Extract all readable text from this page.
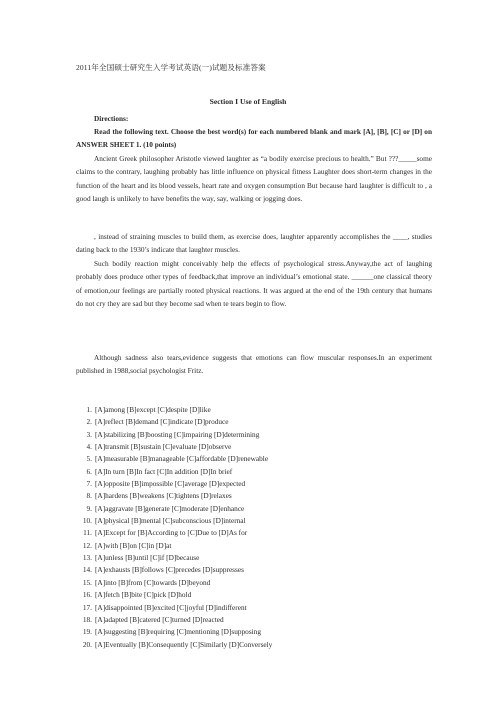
2011年全国硕士研究生入学考试英语(一)试题及标准答案
Section I Use of English
Directions:
Read the following text. Choose the best word(s) for each numbered blank and mark [A], [B], [C] or [D] on ANSWER SHEET 1. (10 points)
Ancient Greek philosopher Aristotle viewed laughter as “a bodily exercise precious to health.” But ???_____some claims to the contrary, laughing probably has little influence on physical fitness Laughter does short-term changes in the function of the heart and its blood vessels, heart rate and oxygen consumption But because hard laughter is difficult to , a good laugh is unlikely to have benefits the way, say, walking or jogging does.
, instead of straining muscles to build them, as exercise does, laughter apparently accomplishes the ____, studies dating back to the 1930’s indicate that laughter muscles.
Such bodily reaction might conceivably help the effects of psychological stress.Anyway,the act of laughing probably does produce other types of feedback,that improve an individual’s emotional state. ______one classical theory of emotion,our feelings are partially rooted physical reactions. It was argued at the end of the 19th century that humans do not cry they are sad but they become sad when te tears begin to flow.
Although sadness also tears,evidence suggests that emotions can flow muscular responses.In an experiment published in 1988,social psychologist Fritz.
1. [A]among [B]except [C]despite [D]like
2. [A]reflect [B]demand [C]indicate [D]produce
3. [A]stabilizing [B]boosting [C]impairing [D]determining
4. [A]transmit [B]sustain [C]evaluate [D]observe
5. [A]measurable [B]manageable [C]affordable [D]renewable
6. [A]In turn [B]In fact [C]In addition [D]In brief
7. [A]opposite [B]impossible [C]average [D]expected
8. [A]hardens [B]weakens [C]tightens [D]relaxes
9. [A]aggravate [B]generate [C]moderate [D]enhance
10. [A]physical [B]mental [C]subconscious [D]internal
11. [A]Except for [B]According to [C]Due to [D]As for
12. [A]with [B]on [C]in [D]at
13. [A]unless [B]until [C]if [D]because
14. [A]exhausts [B]follows [C]precedes [D]suppresses
15. [A]into [B]from [C]towards [D]beyond
16. [A]fetch [B]bite [C]pick [D]hold
17. [A]disappointed [B]excited [C]joyful [D]indifferent
18. [A]adapted [B]catered [C]turned [D]reacted
19. [A]suggesting [B]requiring [C]mentioning [D]supposing
20. [A]Eventually [B]Consequently [C]Similarly [D]Conversely
